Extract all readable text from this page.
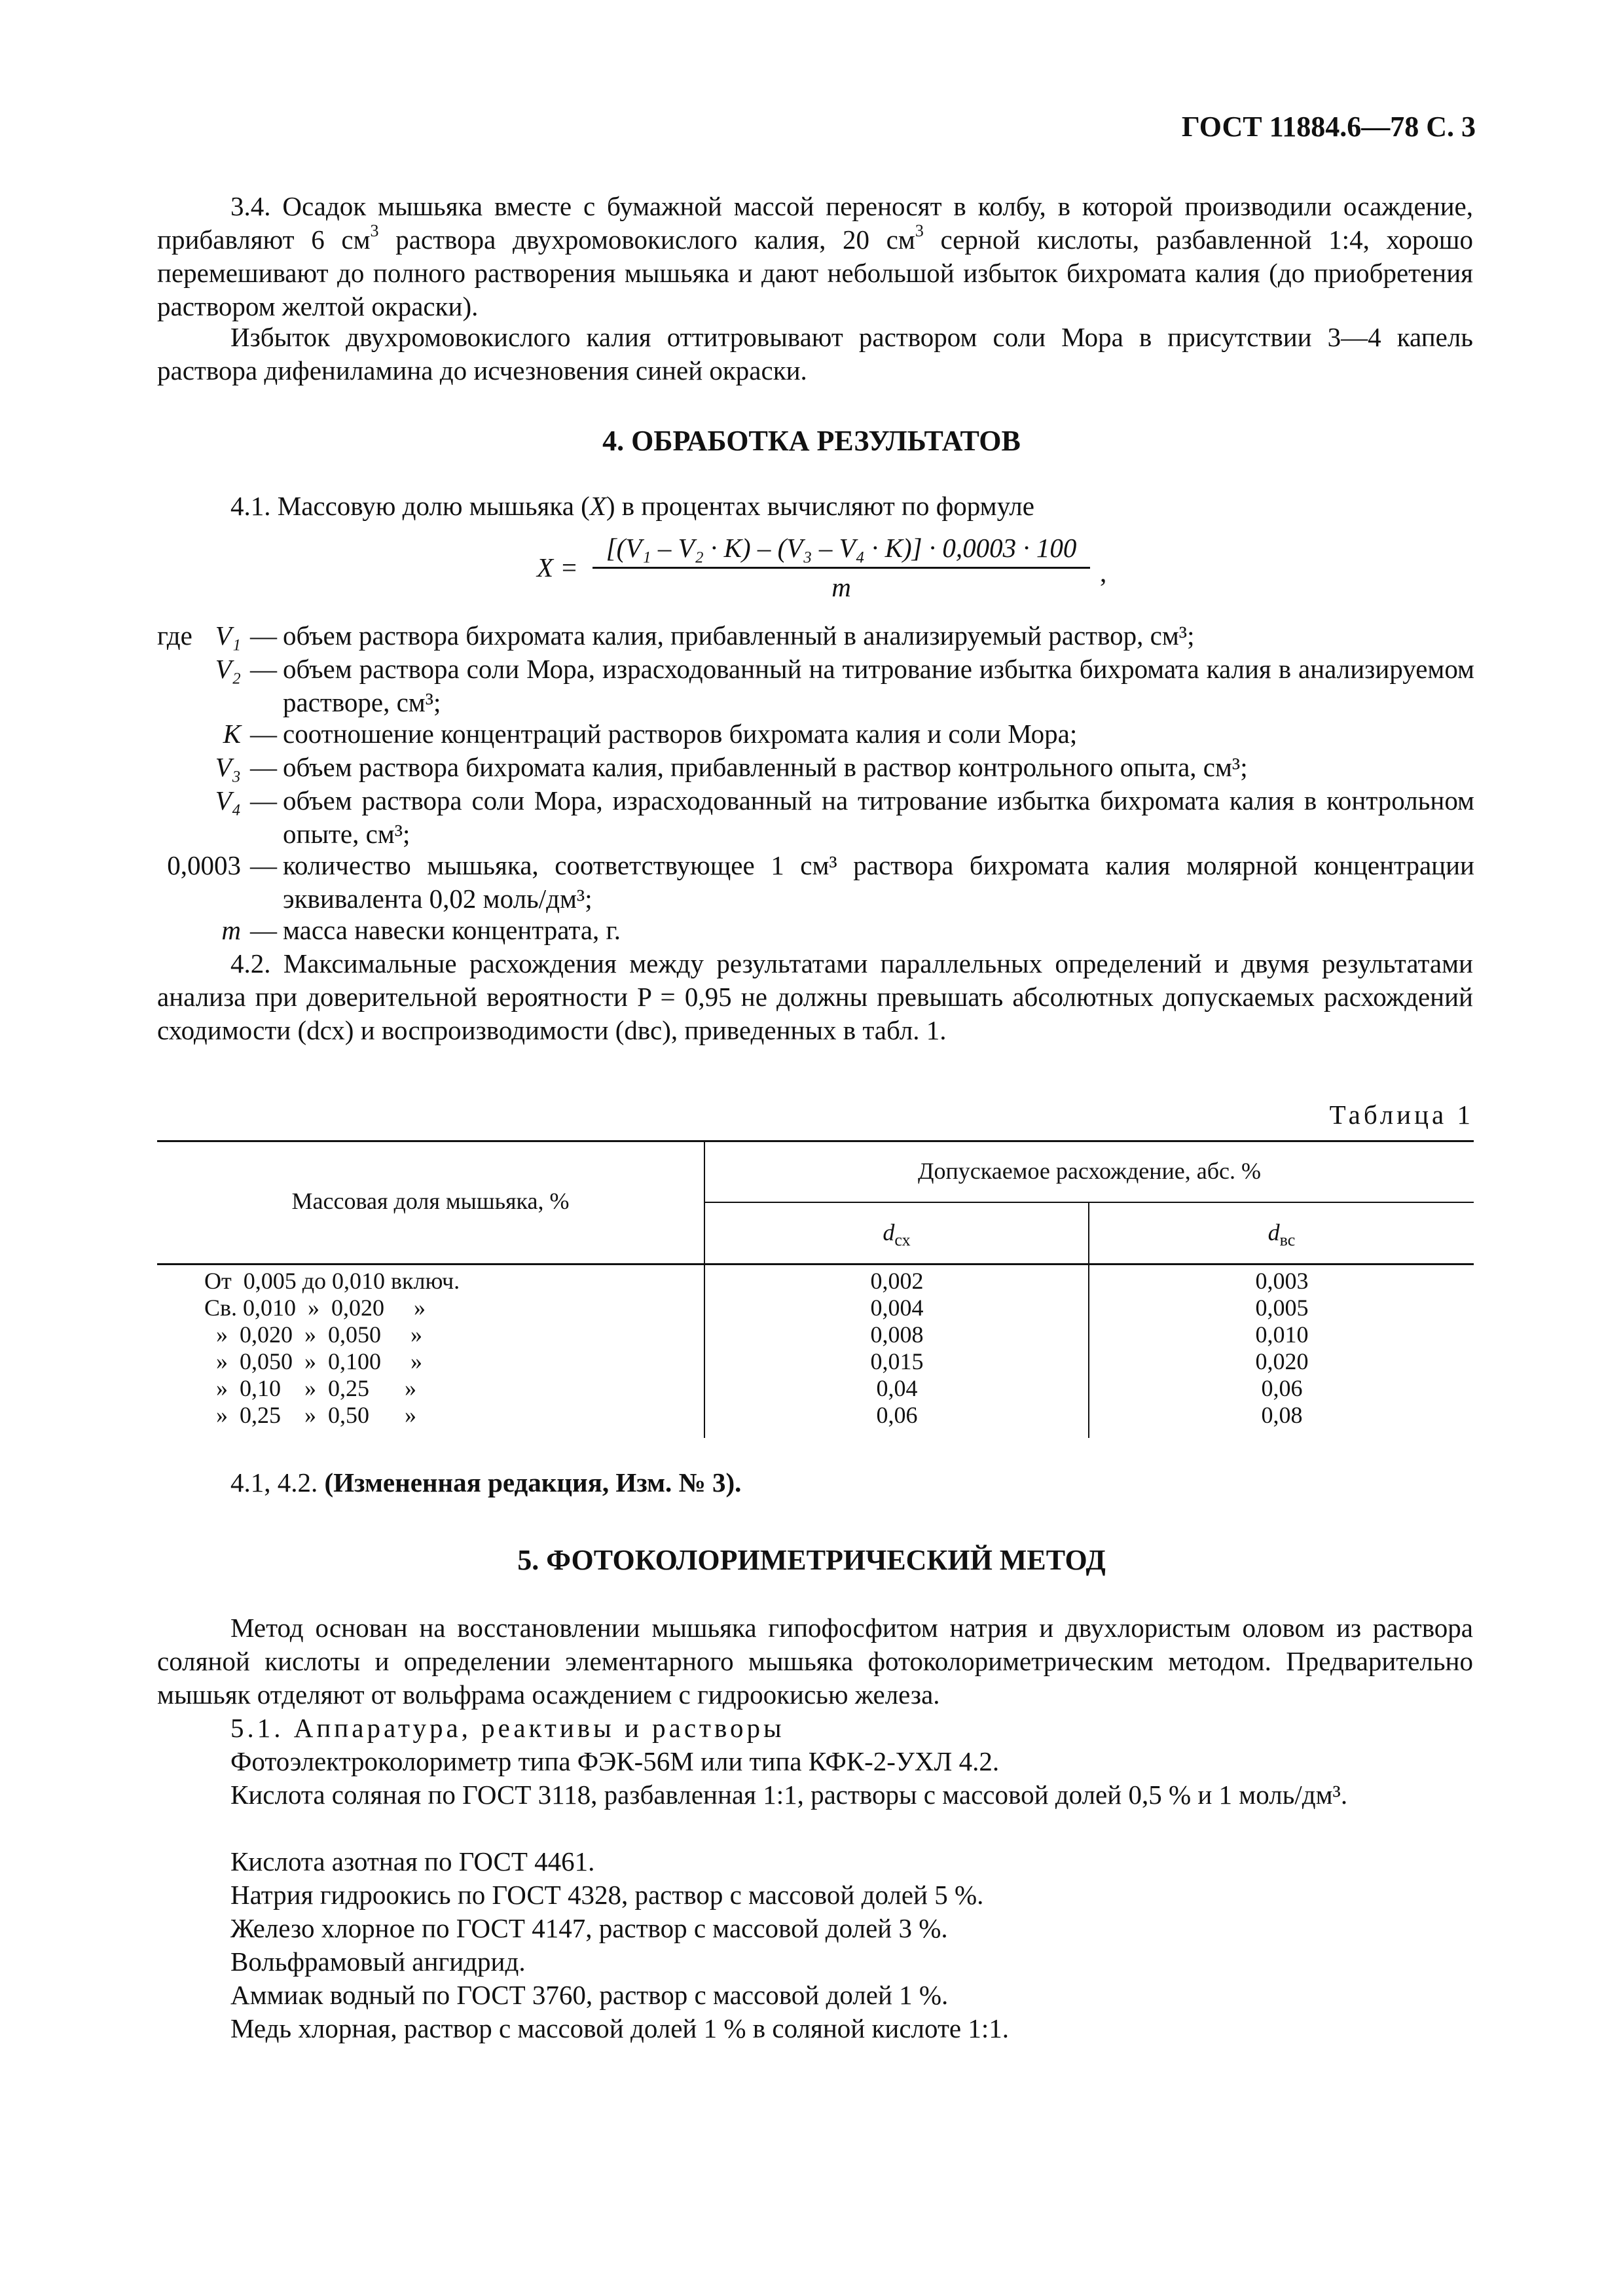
ГОСТ 11884.6—78 С. 3
3.4. Осадок мышьяка вместе с бумажной массой переносят в колбу, в которой производили осаждение, прибавляют 6 $см^3$ раствора двухромовокислого калия, 20 $см^3$ серной кислоты, разбавленной 1:4, хорошо перемешивают до полного растворения мышьяка и дают небольшой избыток бихромата калия (до приобретения раствором желтой окраски).
Избыток двухромовокислого калия оттитровывают раствором соли Мора в присутствии 3—4 капель раствора дифениламина до исчезновения синей окраски.
4. ОБРАБОТКА РЕЗУЛЬТАТОВ
4.1. Массовую долю мышьяка (X) в процентах вычисляют по формуле
X =
[(V₁ – V₂ · K) – (V₃ – V₄ · K)] · 0,0003 · 100
m	,
где V₁ — объем раствора бихромата калия, прибавленный в анализируемый раствор, см³;
V₂ — объем раствора соли Мора, израсходованный на титрование избытка бихромата калия в анализируемом растворе, см³;
K — соотношение концентраций растворов бихромата калия и соли Мора;
V₃ — объем раствора бихромата калия, прибавленный в раствор контрольного опыта, см³;
V₄ — объем раствора соли Мора, израсходованный на титрование избытка бихромата калия в контрольном опыте, см³;
0,0003 — количество мышьяка, соответствующее 1 см³ раствора бихромата калия молярной концентрации эквивалента 0,02 моль/дм³;
m — масса навески концентрата, г.
4.2. Максимальные расхождения между результатами параллельных определений и двумя результатами анализа при доверительной вероятности P = 0,95 не должны превышать абсолютных допускаемых расхождений сходимости (dсх) и воспроизводимости (dвс), приведенных в табл. 1.
Таблица 1
Массовая доля мышьяка, %
Допускаемое расхождение, абс. %
$d_{сх}$	$d_{вс}$
От  0,005 до 0,010 включ.	0,002	0,003
Св. 0,010  »  0,020     »	0,004	0,005
»  0,020  »  0,050     »	0,008	0,010
»  0,050  »  0,100     »	0,015	0,020
»  0,10    »  0,25      »	0,04	0,06
»  0,25    »  0,50      »	0,06	0,08
4.1, 4.2. (Измененная редакция, Изм. № 3).
5. ФОТОКОЛОРИМЕТРИЧЕСКИЙ МЕТОД
Метод основан на восстановлении мышьяка гипофосфитом натрия и двухлористым оловом из раствора соляной кислоты и определении элементарного мышьяка фотоколориметрическим методом. Предварительно мышьяк отделяют от вольфрама осаждением с гидроокисью железа.
5.1. Аппаратура, реактивы и растворы
Фотоэлектроколориметр типа ФЭК-56М или типа КФК-2-УХЛ 4.2.
Кислота соляная по ГОСТ 3118, разбавленная 1:1, растворы с массовой долей 0,5 % и 1 моль/дм³.
Кислота азотная по ГОСТ 4461.
Натрия гидроокись по ГОСТ 4328, раствор с массовой долей 5 %.
Железо хлорное по ГОСТ 4147, раствор с массовой долей 3 %.
Вольфрамовый ангидрид.
Аммиак водный по ГОСТ 3760, раствор с массовой долей 1 %.
Медь хлорная, раствор с массовой долей 1 % в соляной кислоте 1:1.
